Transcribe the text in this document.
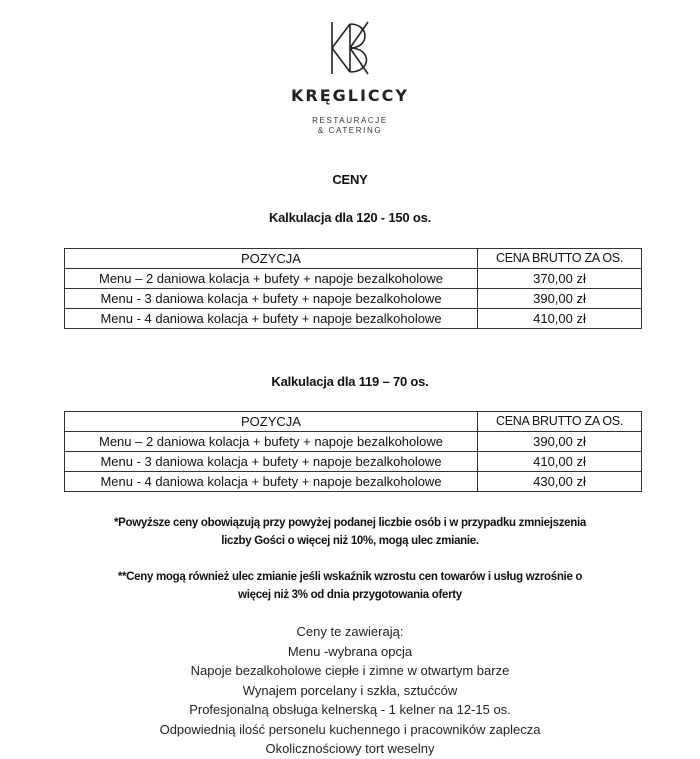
KRĘGLICCY
RESTAURACJE
& CATERING
CENY
Kalkulacja dla 120 - 150 os.
POZYCJA	CENA BRUTTO ZA OS.
Menu – 2 daniowa kolacja + bufety + napoje bezalkoholowe	370,00 zł
Menu - 3 daniowa kolacja + bufety + napoje bezalkoholowe	390,00 zł
Menu - 4 daniowa kolacja + bufety + napoje bezalkoholowe	410,00 zł
Kalkulacja dla 119 – 70 os.
POZYCJA	CENA BRUTTO ZA OS.
Menu – 2 daniowa kolacja + bufety + napoje bezalkoholowe	390,00 zł
Menu - 3 daniowa kolacja + bufety + napoje bezalkoholowe	410,00 zł
Menu - 4 daniowa kolacja + bufety + napoje bezalkoholowe	430,00 zł
*Powyższe ceny obowiązują przy powyżej podanej liczbie osób i w przypadku zmniejszenia
liczby Gości o więcej niż 10%, mogą ulec zmianie.
**Ceny mogą również ulec zmianie jeśli wskaźnik wzrostu cen towarów i usług wzrośnie o
więcej niż 3% od dnia przygotowania oferty
Ceny te zawierają:
Menu -wybrana opcja
Napoje bezalkoholowe ciepłe i zimne w otwartym barze
Wynajem porcelany i szkła, sztućców
Profesjonalną obsługa kelnerską - 1 kelner na 12-15 os.
Odpowiednią ilość personelu kuchennego i pracowników zaplecza
Okolicznościowy tort weselny
